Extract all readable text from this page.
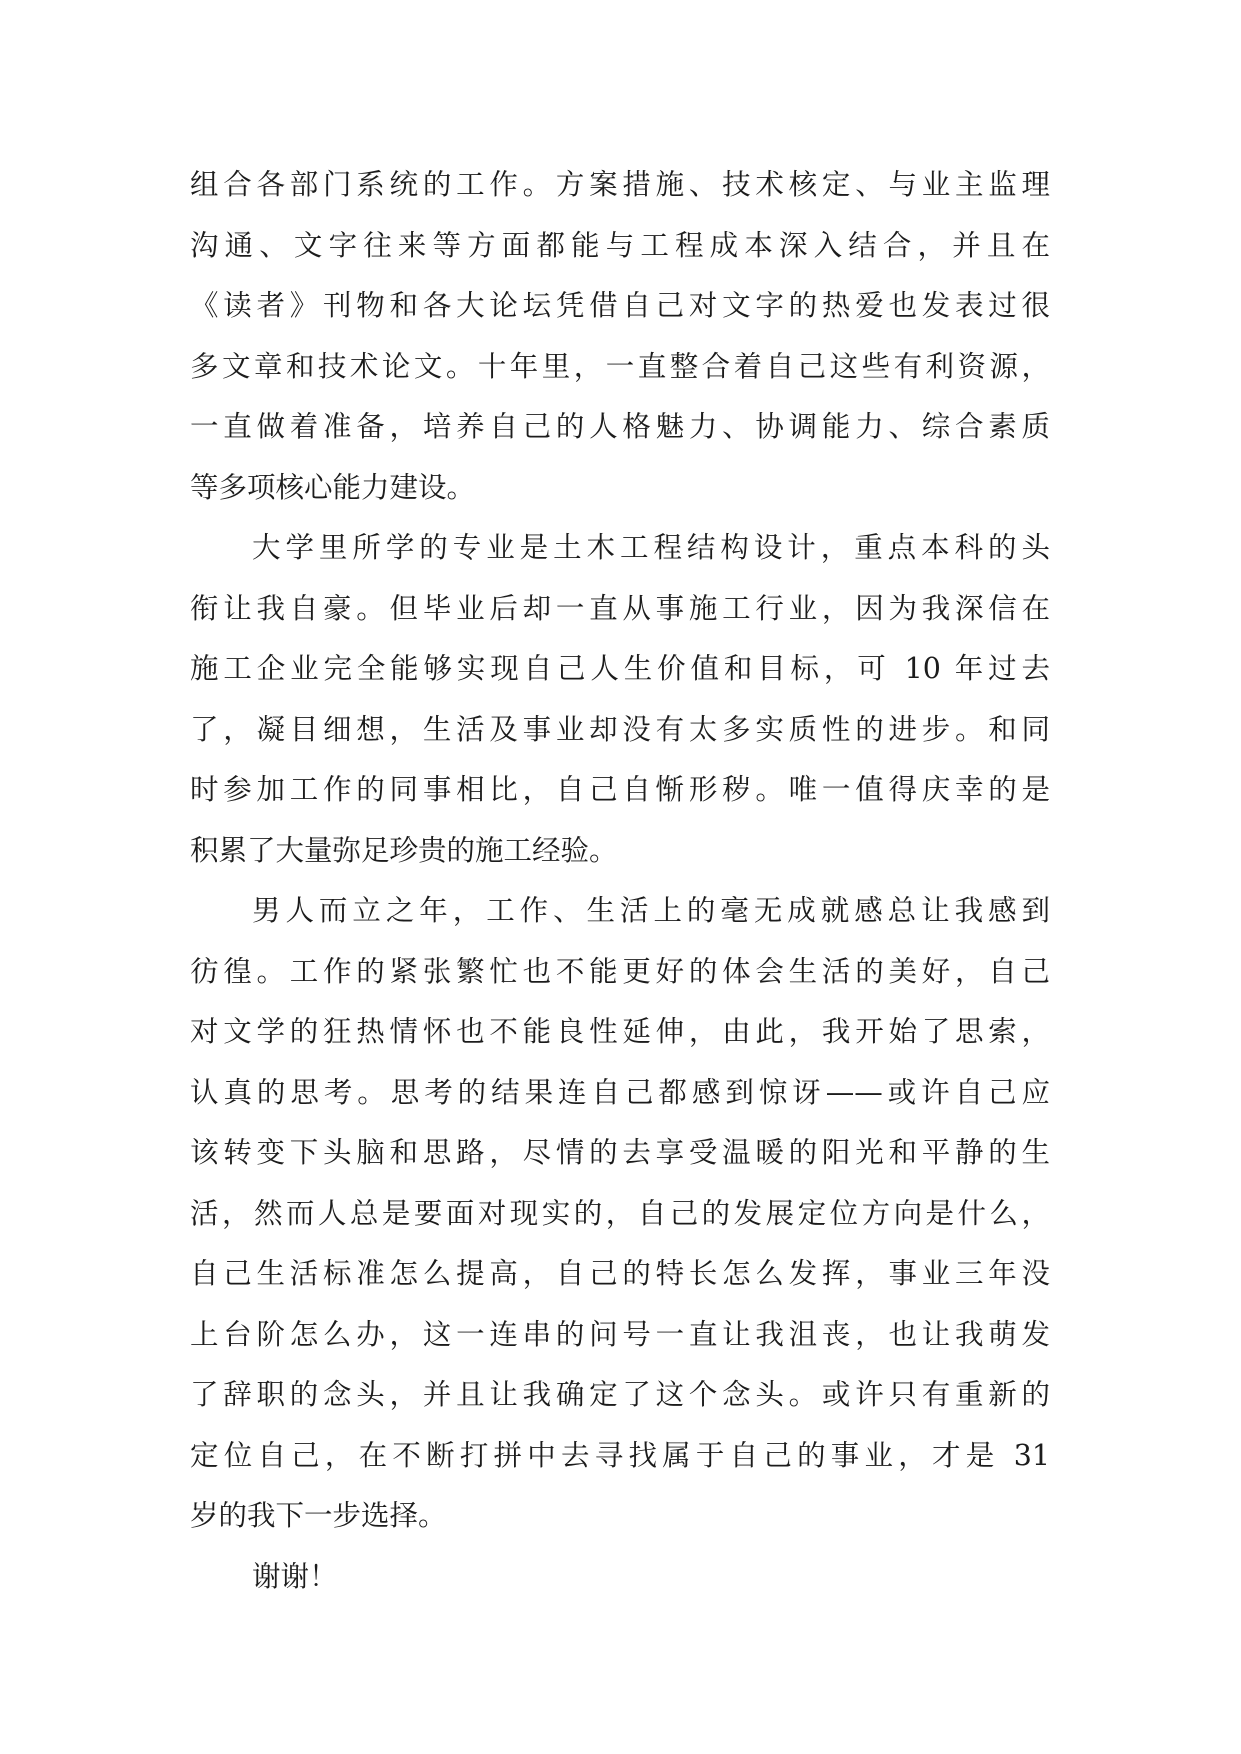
组合各部门系统的工作。方案措施、技术核定、与业主监理
沟通、文字往来等方面都能与工程成本深入结合，并且在
《读者》刊物和各大论坛凭借自己对文字的热爱也发表过很
多文章和技术论文。十年里，一直整合着自己这些有利资源，
一直做着准备，培养自己的人格魅力、协调能力、综合素质
等多项核心能力建设。
大学里所学的专业是土木工程结构设计，重点本科的头
衔让我自豪。但毕业后却一直从事施工行业，因为我深信在
施工企业完全能够实现自己人生价值和目标，可 10 年过去
了，凝目细想，生活及事业却没有太多实质性的进步。和同
时参加工作的同事相比，自己自惭形秽。唯一值得庆幸的是
积累了大量弥足珍贵的施工经验。
男人而立之年，工作、生活上的毫无成就感总让我感到
彷徨。工作的紧张繁忙也不能更好的体会生活的美好，自己
对文学的狂热情怀也不能良性延伸，由此，我开始了思索，
认真的思考。思考的结果连自己都感到惊讶——或许自己应
该转变下头脑和思路，尽情的去享受温暖的阳光和平静的生
活，然而人总是要面对现实的，自己的发展定位方向是什么，
自己生活标准怎么提高，自己的特长怎么发挥，事业三年没
上台阶怎么办，这一连串的问号一直让我沮丧，也让我萌发
了辞职的念头，并且让我确定了这个念头。或许只有重新的
定位自己，在不断打拼中去寻找属于自己的事业，才是 31
岁的我下一步选择。
谢谢！
